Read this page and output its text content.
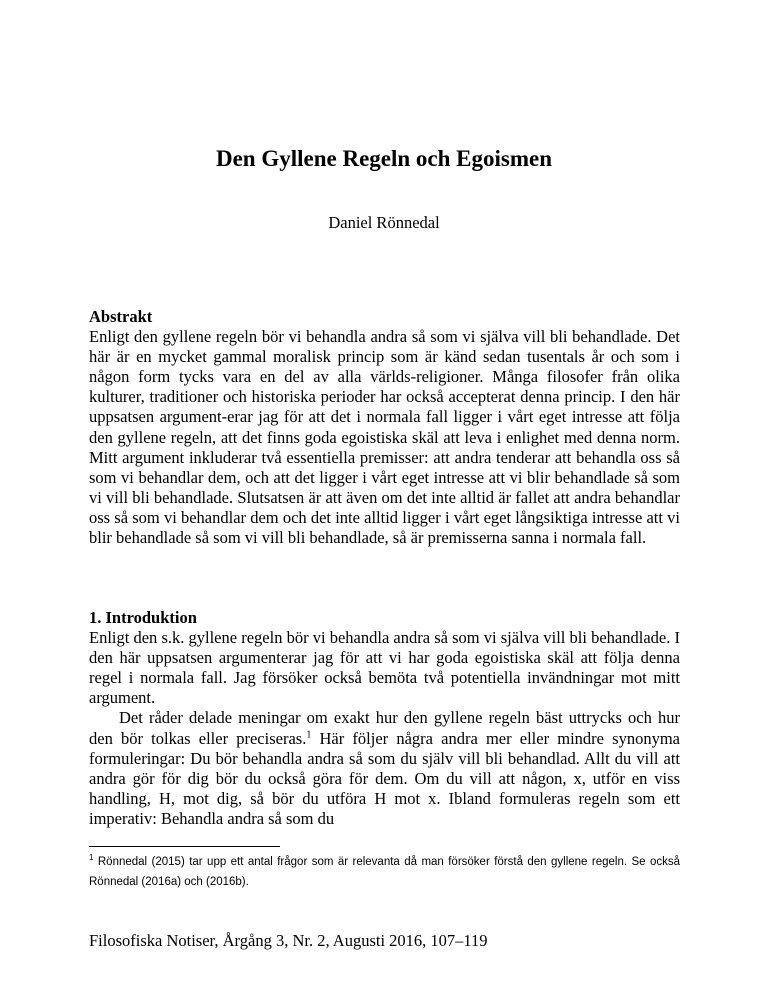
Den Gyllene Regeln och Egoismen
Daniel Rönnedal
Abstrakt

Enligt den gyllene regeln bör vi behandla andra så som vi själva vill bli behandlade. Det här är en mycket gammal moralisk princip som är känd sedan tusentals år och som i någon form tycks vara en del av alla världs-religioner. Många filosofer från olika kulturer, traditioner och historiska perioder har också accepterat denna princip. I den här uppsatsen argument-erar jag för att det i normala fall ligger i vårt eget intresse att följa den gyllene regeln, att det finns goda egoistiska skäl att leva i enlighet med denna norm. Mitt argument inkluderar två essentiella premisser: att andra tenderar att behandla oss så som vi behandlar dem, och att det ligger i vårt eget intresse att vi blir behandlade så som vi vill bli behandlade. Slutsatsen är att även om det inte alltid är fallet att andra behandlar oss så som vi behandlar dem och det inte alltid ligger i vårt eget långsiktiga intresse att vi blir behandlade så som vi vill bli behandlade, så är premisserna sanna i normala fall.

1. Introduktion

Enligt den s.k. gyllene regeln bör vi behandla andra så som vi själva vill bli behandlade. I den här uppsatsen argumenterar jag för att vi har goda egoistiska skäl att följa denna regel i normala fall. Jag försöker också bemöta två potentiella invändningar mot mitt argument.

Det råder delade meningar om exakt hur den gyllene regeln bäst uttrycks och hur den bör tolkas eller preciseras.$^1$ Här följer några andra mer eller mindre synonyma formuleringar: Du bör behandla andra så som du själv vill bli behandlad. Allt du vill att andra gör för dig bör du också göra för dem. Om du vill att någon, x, utför en viss handling, H, mot dig, så bör du utföra H mot x. Ibland formuleras regeln som ett imperativ: Behandla andra så som du

$^1$ Rönnedal (2015) tar upp ett antal frågor som är relevanta då man försöker förstå den gyllene regeln. Se också Rönnedal (2016a) och (2016b).
Filosofiska Notiser, Årgång 3, Nr. 2, Augusti 2016, 107–119
